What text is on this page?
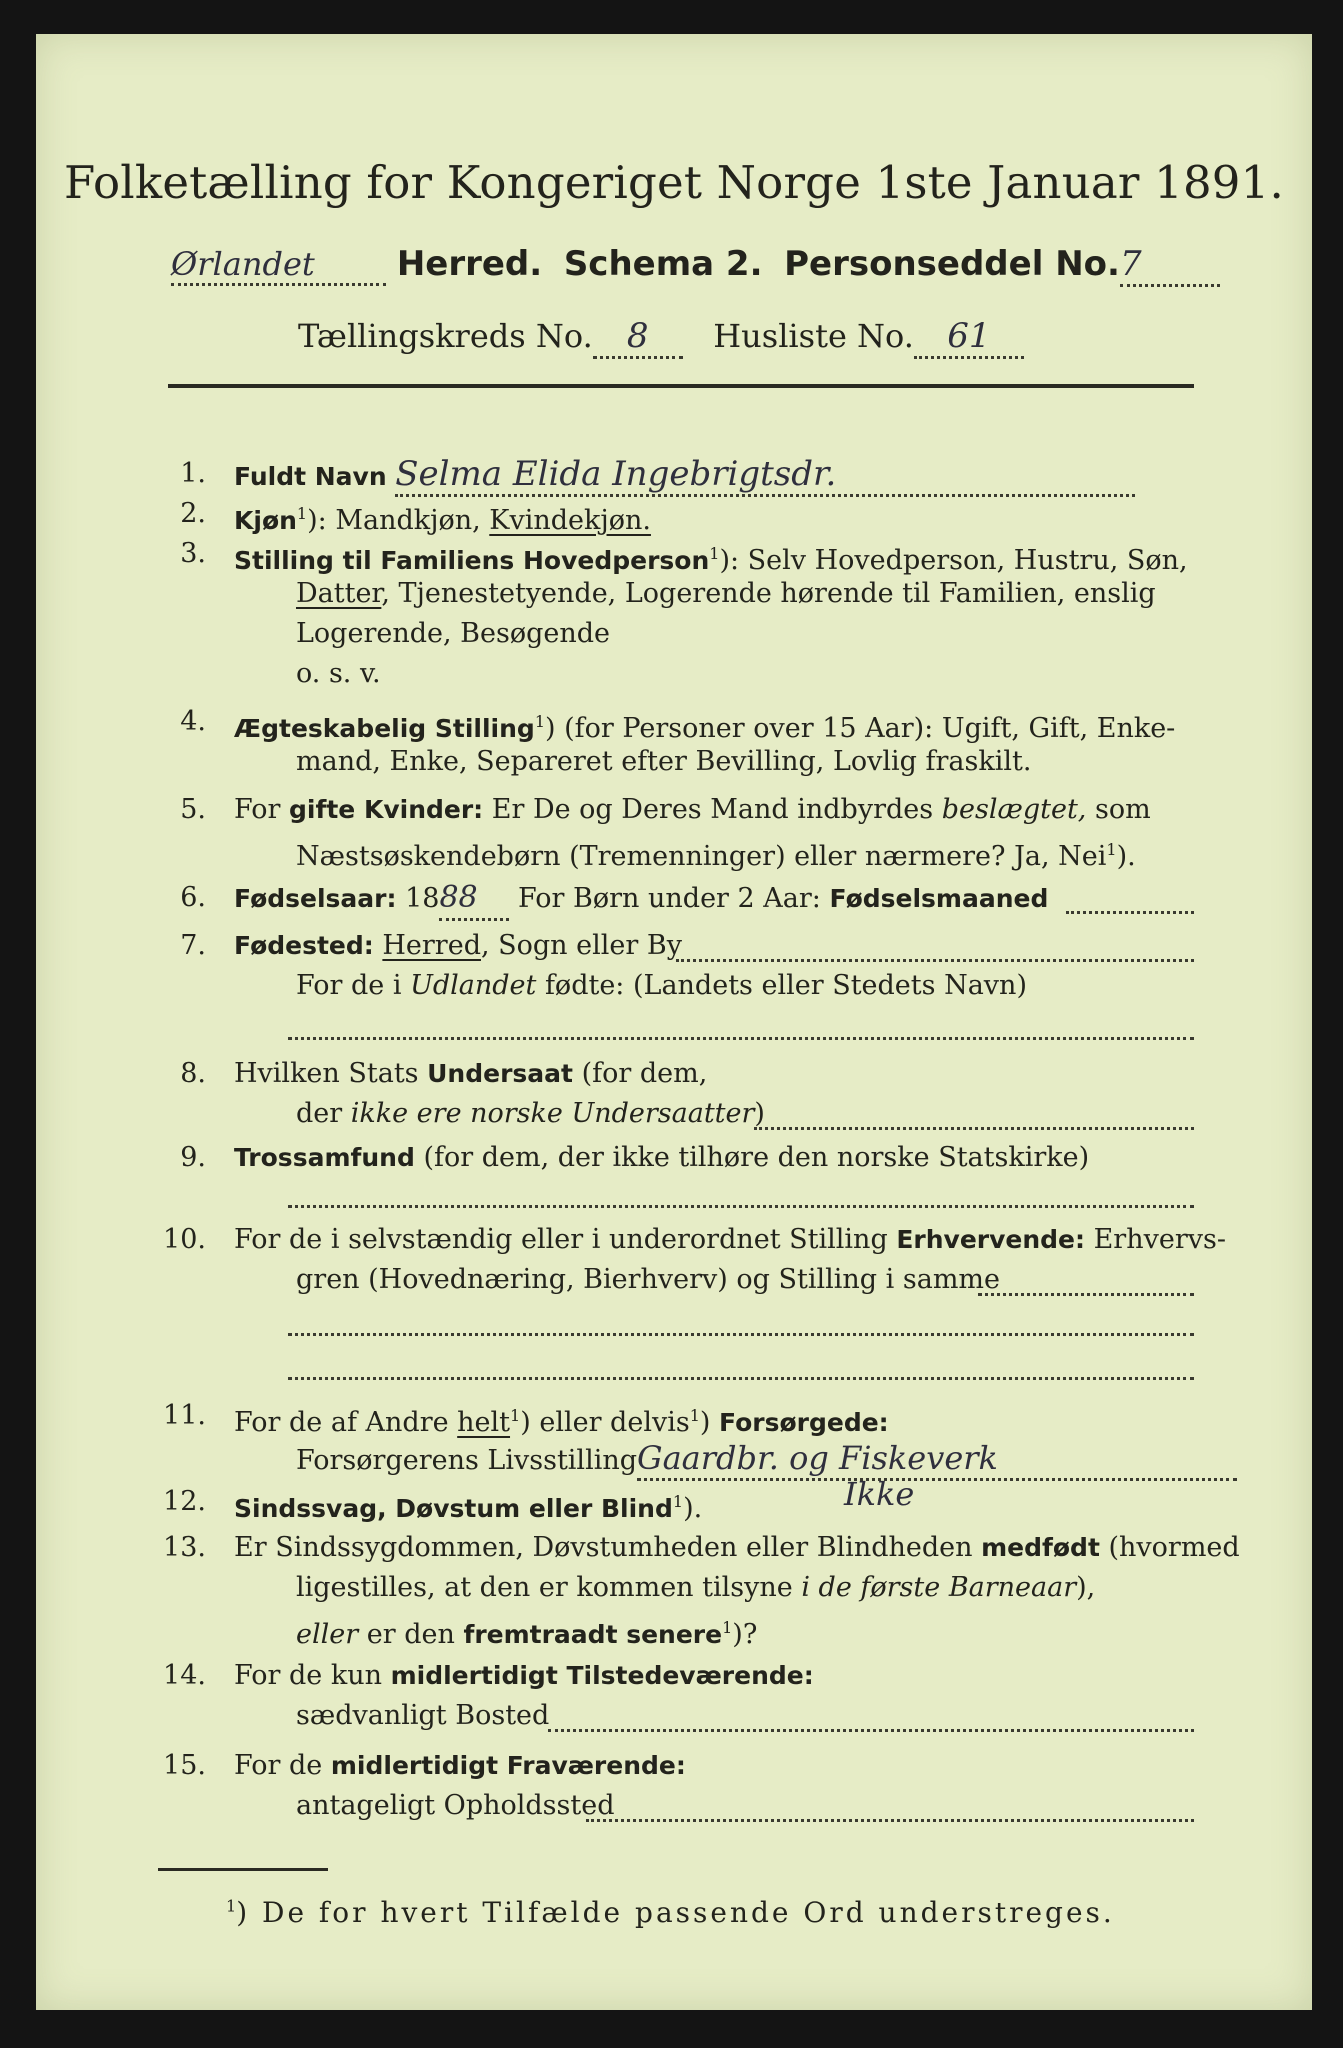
Folketælling for Kongeriget Norge 1ste Januar 1891.
Ørlandet Herred. Schema 2. Personseddel No.7
Tællingskreds No. 8 Husliste No. 61
1. Fuldt Navn Selma Elida Ingebrigtsdr.
2. Kjøn$^1$): Mandkjøn, Kvindekjøn.
3. Stilling til Familiens Hovedperson$^1$): Selv Hovedperson, Hustru, Søn,
Datter, Tjenestetyende, Logerende hørende til Familien, enslig
Logerende, Besøgende
o. s. v.
4. Ægteskabelig Stilling$^1$) (for Personer over 15 Aar): Ugift, Gift, Enke-
mand, Enke, Separeret efter Bevilling, Lovlig fraskilt.
5. For gifte Kvinder: Er De og Deres Mand indbyrdes beslægtet, som
Næstsøskendebørn (Tremenninger) eller nærmere? Ja, Nei$^1$).
6. Fødselsaar: 1888 For Børn under 2 Aar: Fødselsmaaned
7. Fødested: Herred, Sogn eller By
For de i Udlandet fødte: (Landets eller Stedets Navn)
8. Hvilken Stats Undersaat (for dem,
der ikke ere norske Undersaatter)
9. Trossamfund (for dem, der ikke tilhøre den norske Statskirke)
10. For de i selvstændig eller i underordnet Stilling Erhvervende: Erhvervs-
gren (Hovednæring, Bierhverv) og Stilling i samme
11. For de af Andre helt$^1$) eller delvis$^1$) Forsørgede:
Forsørgerens LivsstillingGaardbr. og Fiskeverk
12. Sindssvag, Døvstum eller Blind$^1$).	Ikke
13. Er Sindssygdommen, Døvstumheden eller Blindheden medfødt (hvormed
ligestilles, at den er kommen tilsyne i de første Barneaar),
eller er den fremtraadt senere$^1$)?
14. For de kun midlertidigt Tilstedeværende:
sædvanligt Bosted
15. For de midlertidigt Fraværende:
antageligt Opholdssted
$^1$) De for hvert Tilfælde passende Ord understreges.
